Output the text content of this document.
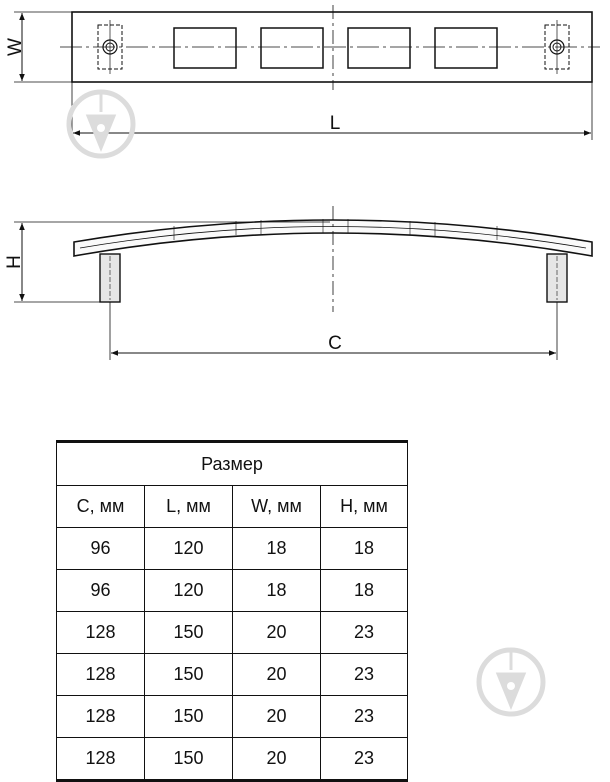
W
L
H
C
Размер			
C, мм	L, мм	W, мм	H, мм
96	120	18	18
96	120	18	18
128	150	20	23
128	150	20	23
128	150	20	23
128	150	20	23
